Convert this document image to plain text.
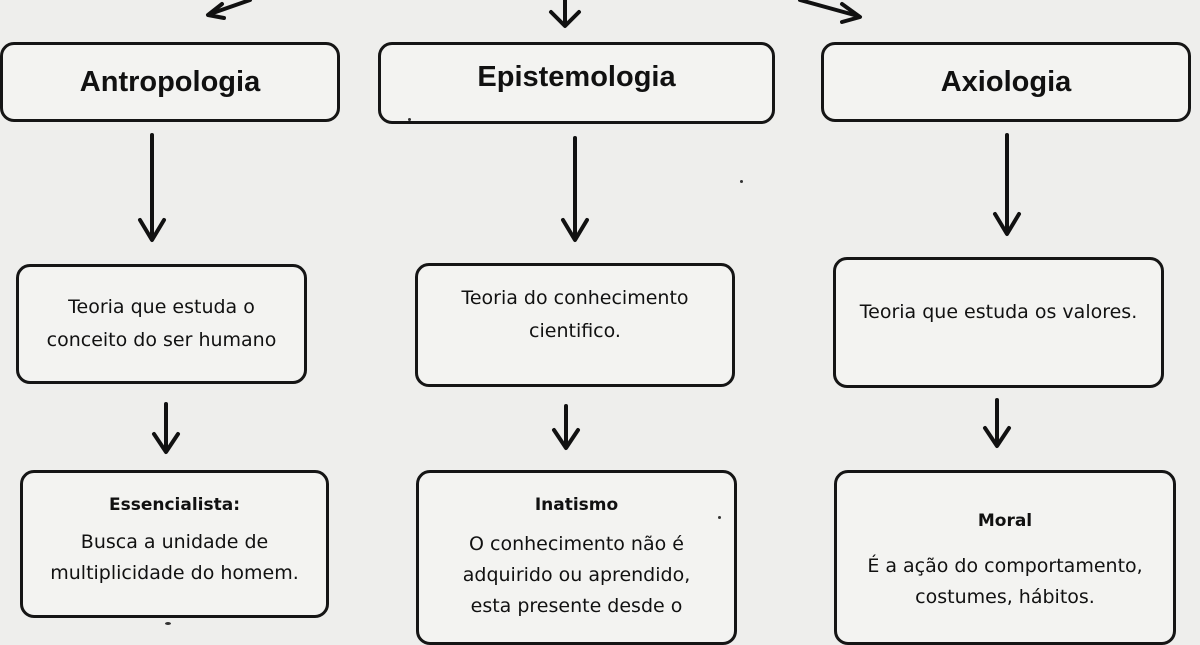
Antropologia
Teoria que estuda o
conceito do ser humano
Essencialista:
Busca a unidade de
multiplicidade do homem.
Epistemologia
Teoria do conhecimento
cientifico.
Inatismo
O conhecimento não é
adquirido ou aprendido,
esta presente desde o
Axiologia
Teoria que estuda os valores.
Moral
É a ação do comportamento,
costumes, hábitos.
